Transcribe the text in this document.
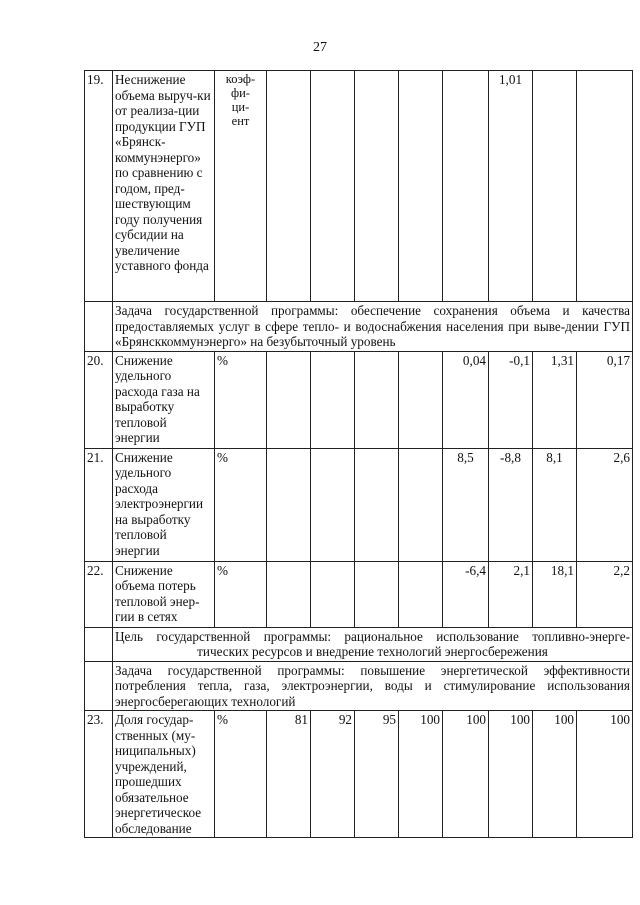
27
19.	Неснижение объема выруч-ки от реализа-ции продукции ГУП «Брянск-коммунэнерго» по сравнению с годом, пред-шествующим году получения субсидии на увеличение уставного фонда	коэф-
фи-
ци-
ент						1,01			
	Задача государственной программы: обеспечение сохранения объема и качества предоставляемых услуг в сфере тепло- и водоснабжения населения при выве-дении ГУП «Брянсккоммунэнерго» на безубыточный уровень										
20.	Снижение удельного расхода газа на выработку тепловой энергии	%					0,04	-0,1	1,31	0,17	
21.	Снижение удельного расхода электроэнергии на выработку тепловой энергии	%					8,5	-8,8	8,1	2,6	
22.	Снижение объема потерь тепловой энер-гии в сетях	%					-6,4	2,1	18,1	2,2	
	Цель государственной программы: рациональное использование топливно-энерге-тических ресурсов и внедрение технологий энергосбережения										
	Задача государственной программы: повышение энергетической эффективности потребления тепла, газа, электроэнергии, воды и стимулирование использования энергосберегающих технологий										
23.	Доля государ-ственных (му-ниципальных) учреждений, прошедших обязательное энергетическое обследование	%	81	92	95	100	100	100	100	100	
